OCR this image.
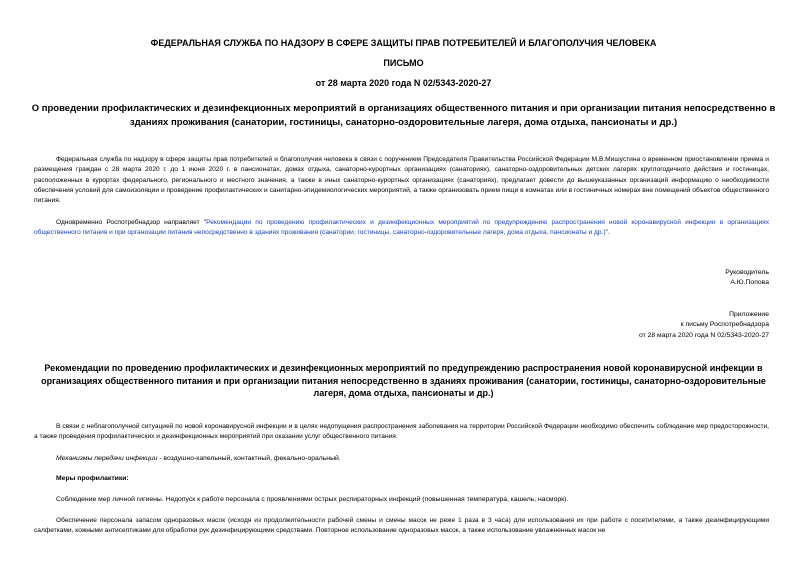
ФЕДЕРАЛЬНАЯ СЛУЖБА ПО НАДЗОРУ В СФЕРЕ ЗАЩИТЫ ПРАВ ПОТРЕБИТЕЛЕЙ И БЛАГОПОЛУЧИЯ ЧЕЛОВЕКА
ПИСЬМО
от 28 марта 2020 года N 02/5343-2020-27
О проведении профилактических и дезинфекционных мероприятий в организациях общественного питания и при организации питания непосредственно в зданиях проживания (санатории, гостиницы, санаторно-оздоровительные лагеря, дома отдыха, пансионаты и др.)
Федеральная служба по надзору в сфере защиты прав потребителей и благополучия человека в связи с поручением Председателя Правительства Российской Федерации М.В.Мишустина о временном приостановлении приема и размещения граждан с 28 марта 2020 г. до 1 июня 2020 г. в пансионатах, домах отдыха, санаторно-курортных организациях (санаториях), санаторно-оздоровительных детских лагерях круглогодичного действия и гостиницах, расположенных в курортах федерального, регионального и местного значения, а также в иных санаторно-курортных организациях (санаториях), предлагает довести до вышеуказанных организаций информацию о необходимости обеспечения условий для самоизоляции и проведение профилактических и санитарно-эпидемиологических мероприятий, а также организовать прием пищи в комнатах или в гостиничных номерах вне помещений объектов общественного питания.
Одновременно Роспотребнадзор направляет "Рекомендации по проведению профилактических и дезинфекционных мероприятий по предупреждению распространения новой коронавирусной инфекции в организациях общественного питания и при организации питания непосредственно в зданиях проживания (санатории, гостиницы, санаторно-оздоровительные лагеря, дома отдыха, пансионаты и др.)".
Руководитель
А.Ю.Попова
Приложение
к письму Роспотребнадзора
от 28 марта 2020 года N 02/5343-2020-27
Рекомендации по проведению профилактических и дезинфекционных мероприятий по предупреждению распространения новой коронавирусной инфекции в организациях общественного питания и при организации питания непосредственно в зданиях проживания (санатории, гостиницы, санаторно-оздоровительные лагеря, дома отдыха, пансионаты и др.)
В связи с неблагополучной ситуацией по новой коронавирусной инфекции и в целях недопущения распространения заболевания на территории Российской Федерации необходимо обеспечить соблюдение мер предосторожности, а также проведения профилактических и дезинфекционных мероприятий при оказании услуг общественного питания.
Механизмы передачи инфекции - воздушно-капельный, контактный, фекально-оральный.
Меры профилактики:
Соблюдение мер личной гигиены. Недопуск к работе персонала с проявлениями острых респираторных инфекций (повышенная температура, кашель, насморк).
Обеспечение персонала запасом одноразовых масок (исходя из продолжительности рабочей смены и смены масок не реже 1 раза в 3 часа) для использования их при работе с посетителями, а также дезинфицирующими салфетками, кожными антисептиками для обработки рук дезинфицирующими средствами. Повторное использование одноразовых масок, а также использование увлажненных масок не
